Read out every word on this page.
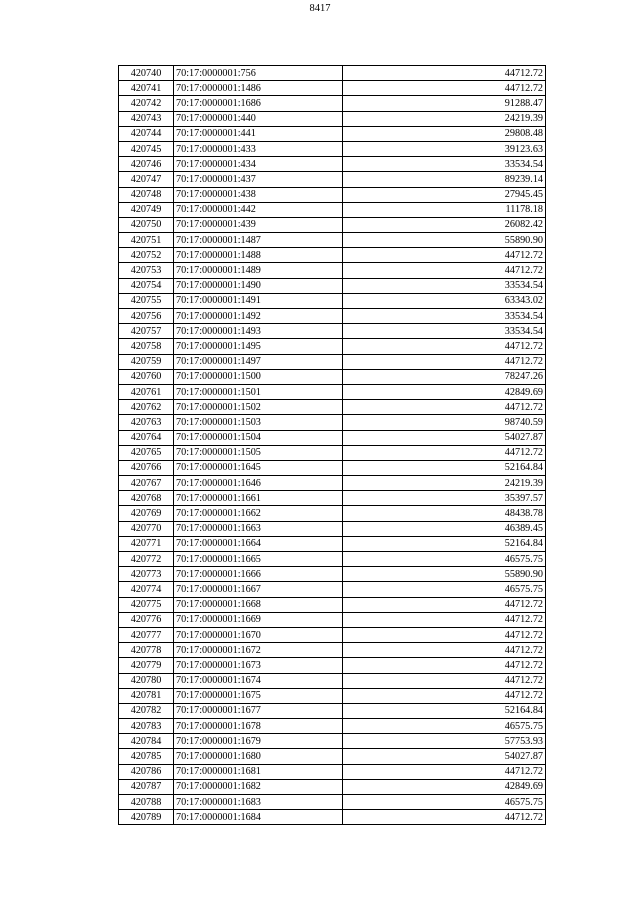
8417
420740	70:17:0000001:756	44712.72
420741	70:17:0000001:1486	44712.72
420742	70:17:0000001:1686	91288.47
420743	70:17:0000001:440	24219.39
420744	70:17:0000001:441	29808.48
420745	70:17:0000001:433	39123.63
420746	70:17:0000001:434	33534.54
420747	70:17:0000001:437	89239.14
420748	70:17:0000001:438	27945.45
420749	70:17:0000001:442	11178.18
420750	70:17:0000001:439	26082.42
420751	70:17:0000001:1487	55890.90
420752	70:17:0000001:1488	44712.72
420753	70:17:0000001:1489	44712.72
420754	70:17:0000001:1490	33534.54
420755	70:17:0000001:1491	63343.02
420756	70:17:0000001:1492	33534.54
420757	70:17:0000001:1493	33534.54
420758	70:17:0000001:1495	44712.72
420759	70:17:0000001:1497	44712.72
420760	70:17:0000001:1500	78247.26
420761	70:17:0000001:1501	42849.69
420762	70:17:0000001:1502	44712.72
420763	70:17:0000001:1503	98740.59
420764	70:17:0000001:1504	54027.87
420765	70:17:0000001:1505	44712.72
420766	70:17:0000001:1645	52164.84
420767	70:17:0000001:1646	24219.39
420768	70:17:0000001:1661	35397.57
420769	70:17:0000001:1662	48438.78
420770	70:17:0000001:1663	46389.45
420771	70:17:0000001:1664	52164.84
420772	70:17:0000001:1665	46575.75
420773	70:17:0000001:1666	55890.90
420774	70:17:0000001:1667	46575.75
420775	70:17:0000001:1668	44712.72
420776	70:17:0000001:1669	44712.72
420777	70:17:0000001:1670	44712.72
420778	70:17:0000001:1672	44712.72
420779	70:17:0000001:1673	44712.72
420780	70:17:0000001:1674	44712.72
420781	70:17:0000001:1675	44712.72
420782	70:17:0000001:1677	52164.84
420783	70:17:0000001:1678	46575.75
420784	70:17:0000001:1679	57753.93
420785	70:17:0000001:1680	54027.87
420786	70:17:0000001:1681	44712.72
420787	70:17:0000001:1682	42849.69
420788	70:17:0000001:1683	46575.75
420789	70:17:0000001:1684	44712.72
